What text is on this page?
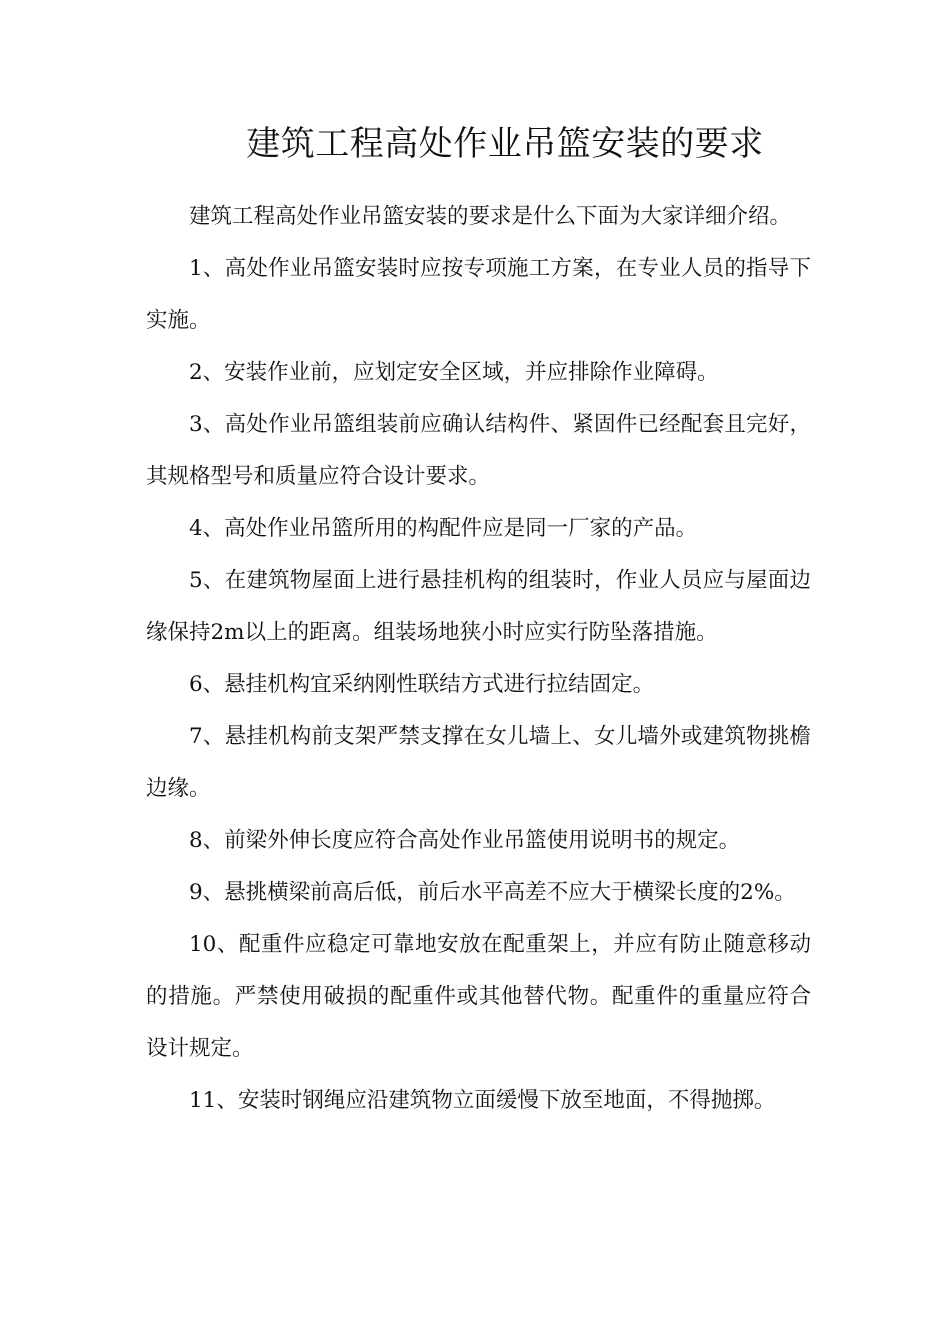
建筑工程高处作业吊篮安装的要求

建筑工程高处作业吊篮安装的要求是什么下面为大家详细介绍。

1、高处作业吊篮安装时应按专项施工方案，在专业人员的指导下实施。

2、安装作业前，应划定安全区域，并应排除作业障碍。

3、高处作业吊篮组装前应确认结构件、紧固件已经配套且完好，其规格型号和质量应符合设计要求。

4、高处作业吊篮所用的构配件应是同一厂家的产品。

5、在建筑物屋面上进行悬挂机构的组装时，作业人员应与屋面边缘保持2m以上的距离。组装场地狭小时应实行防坠落措施。

6、悬挂机构宜采纳刚性联结方式进行拉结固定。

7、悬挂机构前支架严禁支撑在女儿墙上、女儿墙外或建筑物挑檐边缘。

8、前梁外伸长度应符合高处作业吊篮使用说明书的规定。

9、悬挑横梁前高后低，前后水平高差不应大于横梁长度的2%。

10、配重件应稳定可靠地安放在配重架上，并应有防止随意移动的措施。严禁使用破损的配重件或其他替代物。配重件的重量应符合设计规定。

11、安装时钢绳应沿建筑物立面缓慢下放至地面，不得抛掷。
